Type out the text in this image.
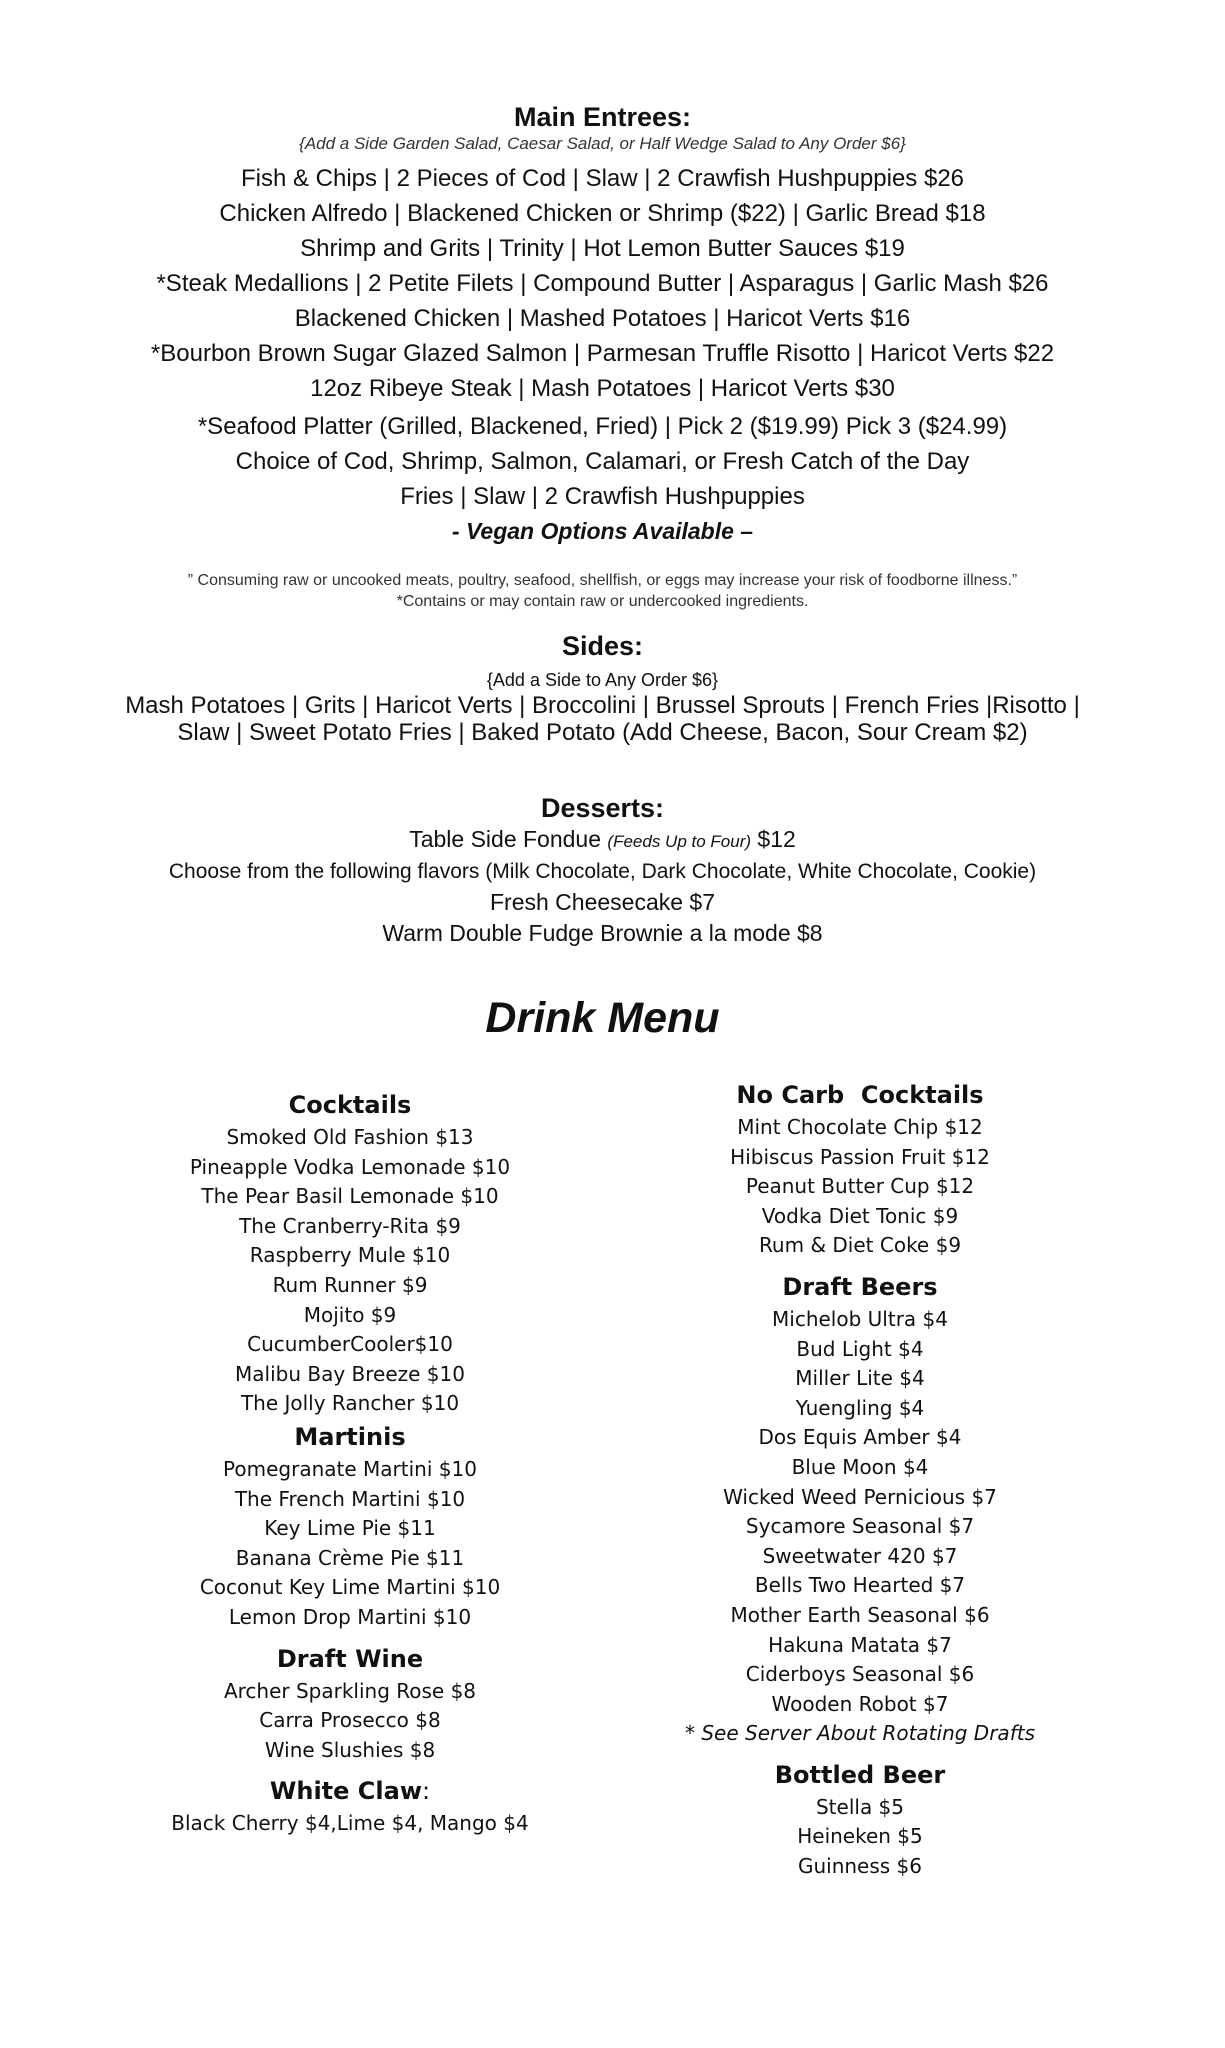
Main Entrees:
{Add a Side Garden Salad, Caesar Salad, or Half Wedge Salad to Any Order $6}
Fish & Chips | 2 Pieces of Cod | Slaw | 2 Crawfish Hushpuppies $26
Chicken Alfredo | Blackened Chicken or Shrimp ($22) | Garlic Bread $18
Shrimp and Grits | Trinity | Hot Lemon Butter Sauces $19
*Steak Medallions | 2 Petite Filets | Compound Butter | Asparagus | Garlic Mash $26
Blackened Chicken | Mashed Potatoes | Haricot Verts $16
*Bourbon Brown Sugar Glazed Salmon | Parmesan Truffle Risotto | Haricot Verts $22
12oz Ribeye Steak | Mash Potatoes | Haricot Verts $30
*Seafood Platter (Grilled, Blackened, Fried) | Pick 2 ($19.99) Pick 3 ($24.99)
Choice of Cod, Shrimp, Salmon, Calamari, or Fresh Catch of the Day
Fries | Slaw | 2 Crawfish Hushpuppies
- Vegan Options Available –
” Consuming raw or uncooked meats, poultry, seafood, shellfish, or eggs may increase your risk of foodborne illness.”
*Contains or may contain raw or undercooked ingredients.
Sides:
{Add a Side to Any Order $6}
Mash Potatoes | Grits | Haricot Verts | Broccolini | Brussel Sprouts | French Fries |Risotto |
Slaw | Sweet Potato Fries | Baked Potato (Add Cheese, Bacon, Sour Cream $2)
Desserts:
Table Side Fondue (Feeds Up to Four) $12
Choose from the following flavors (Milk Chocolate, Dark Chocolate, White Chocolate, Cookie)
Fresh Cheesecake $7
Warm Double Fudge Brownie a la mode $8
Drink Menu
Cocktails
Smoked Old Fashion $13
Pineapple Vodka Lemonade $10
The Pear Basil Lemonade $10
The Cranberry-Rita $9
Raspberry Mule $10
Rum Runner $9
Mojito $9
CucumberCooler$10
Malibu Bay Breeze $10
The Jolly Rancher $10
Martinis
Pomegranate Martini $10
The French Martini $10
Key Lime Pie $11
Banana Crème Pie $11
Coconut Key Lime Martini $10
Lemon Drop Martini $10
Draft Wine
Archer Sparkling Rose $8
Carra Prosecco $8
Wine Slushies $8
White Claw:
Black Cherry $4,Lime $4, Mango $4
No Carb  Cocktails
Mint Chocolate Chip $12
Hibiscus Passion Fruit $12
Peanut Butter Cup $12
Vodka Diet Tonic $9
Rum & Diet Coke $9
Draft Beers
Michelob Ultra $4
Bud Light $4
Miller Lite $4
Yuengling $4
Dos Equis Amber $4
Blue Moon $4
Wicked Weed Pernicious $7
Sycamore Seasonal $7
Sweetwater 420 $7
Bells Two Hearted $7
Mother Earth Seasonal $6
Hakuna Matata $7
Ciderboys Seasonal $6
Wooden Robot $7
* See Server About Rotating Drafts
Bottled Beer
Stella $5
Heineken $5
Guinness $6
